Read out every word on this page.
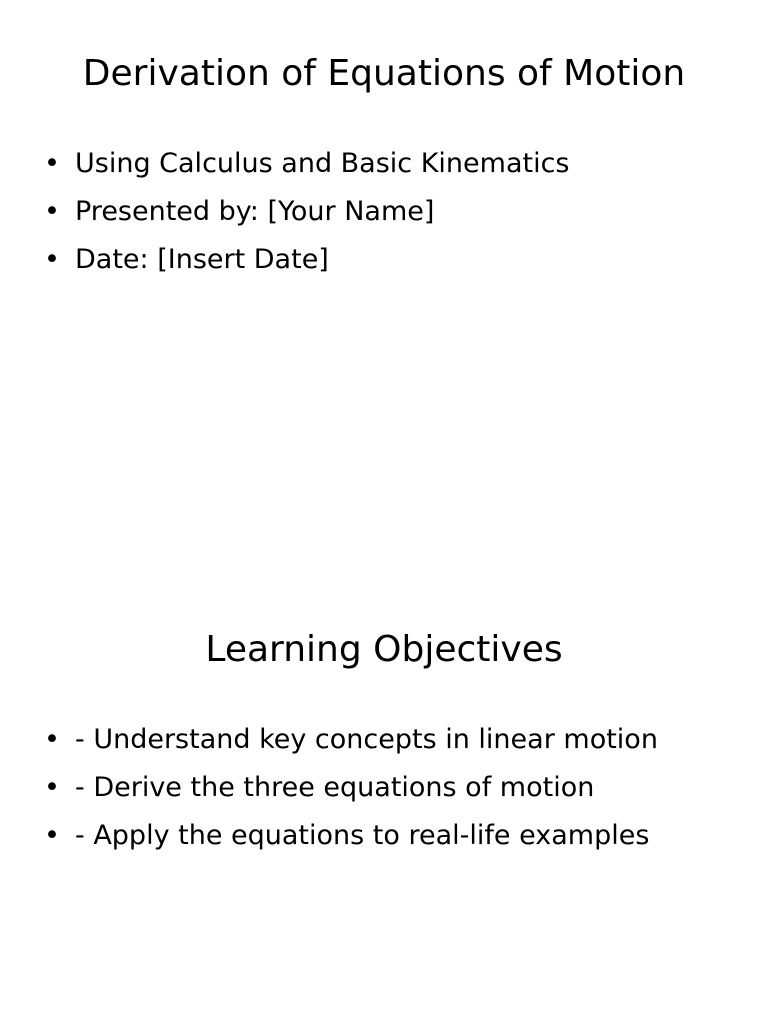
Derivation of Equations of Motion
• Using Calculus and Basic Kinematics
• Presented by: [Your Name]
• Date: [Insert Date]
Learning Objectives
• - Understand key concepts in linear motion
• - Derive the three equations of motion
• - Apply the equations to real-life examples
